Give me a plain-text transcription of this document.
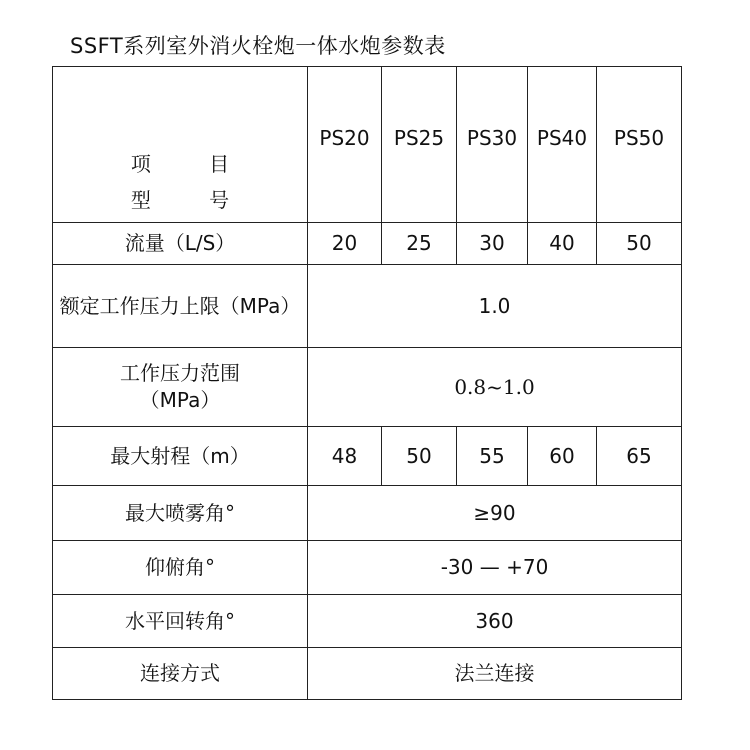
SSFT系列室外消火栓炮一体水炮参数表
项 目
型 号	PS20	PS25	PS30	PS40	PS50
流量（L/S）	20	25	30	40	50
额定工作压力上限（MPa）	1.0				

工作压力范围
（MPa）	0.8~1.0				
最大射程（m）	48	50	55	60	65
最大喷雾角°	≥90				
仰俯角°	-30 — +70				
水平回转角°	360				
连接方式	法兰连接				
